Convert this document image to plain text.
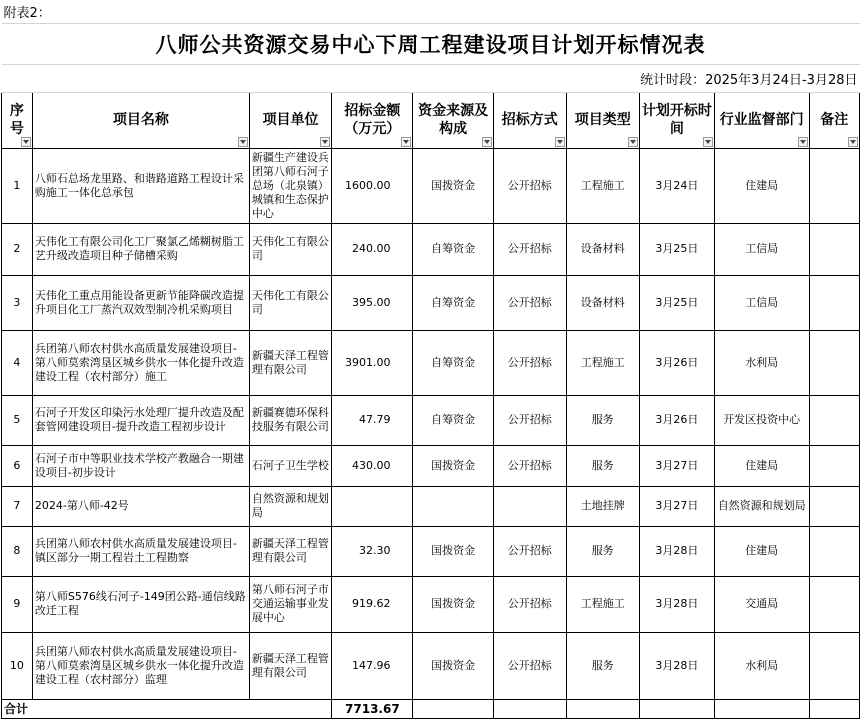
附表2：									
八师公共资源交易中心下周工程建设项目计划开标情况表									
统计时段：2025年3月24日-3月28日									
序号	项目名称	项目单位	招标金额（万元）	资金来源及构成	招标方式	项目类型	计划开标时间	行业监督部门	备注

1	八师石总场龙里路、和谐路道路工程设计采购施工一体化总承包	新疆生产建设兵团第八师石河子总场（北泉镇）城镇和生态保护中心	1600.00	国拨资金	公开招标	工程施工	3月24日	住建局	
2	天伟化工有限公司化工厂聚氯乙烯糊树脂工艺升级改造项目种子储槽采购	天伟化工有限公司	240.00	自筹资金	公开招标	设备材料	3月25日	工信局	
3	天伟化工重点用能设备更新节能降碳改造提升项目化工厂蒸汽双效型制冷机采购项目	天伟化工有限公司	395.00	自筹资金	公开招标	设备材料	3月25日	工信局	
4	兵团第八师农村供水高质量发展建设项目-第八师莫索湾垦区城乡供水一体化提升改造建设工程（农村部分）施工	新疆天泽工程管理有限公司	3901.00	自筹资金	公开招标	工程施工	3月26日	水利局	
5	石河子开发区印染污水处理厂提升改造及配套管网建设项目-提升改造工程初步设计	新疆赛德环保科技服务有限公司	47.79	自筹资金	公开招标	服务	3月26日	开发区投资中心	
6	石河子市中等职业技术学校产教融合一期建设项目-初步设计	石河子卫生学校	430.00	国拨资金	公开招标	服务	3月27日	住建局	
7	2024-第八师-42号	自然资源和规划局				土地挂牌	3月27日	自然资源和规划局	
8	兵团第八师农村供水高质量发展建设项目-镇区部分一期工程岩土工程勘察	新疆天泽工程管理有限公司	32.30	国拨资金	公开招标	服务	3月28日	住建局	
9	第八师S576线石河子-149团公路-通信线路改迁工程	第八师石河子市交通运输事业发展中心	919.62	国拨资金	公开招标	工程施工	3月28日	交通局	
10	兵团第八师农村供水高质量发展建设项目-第八师莫索湾垦区城乡供水一体化提升改造建设工程（农村部分）监理	新疆天泽工程管理有限公司	147.96	国拨资金	公开招标	服务	3月28日	水利局	
合计			7713.67						
